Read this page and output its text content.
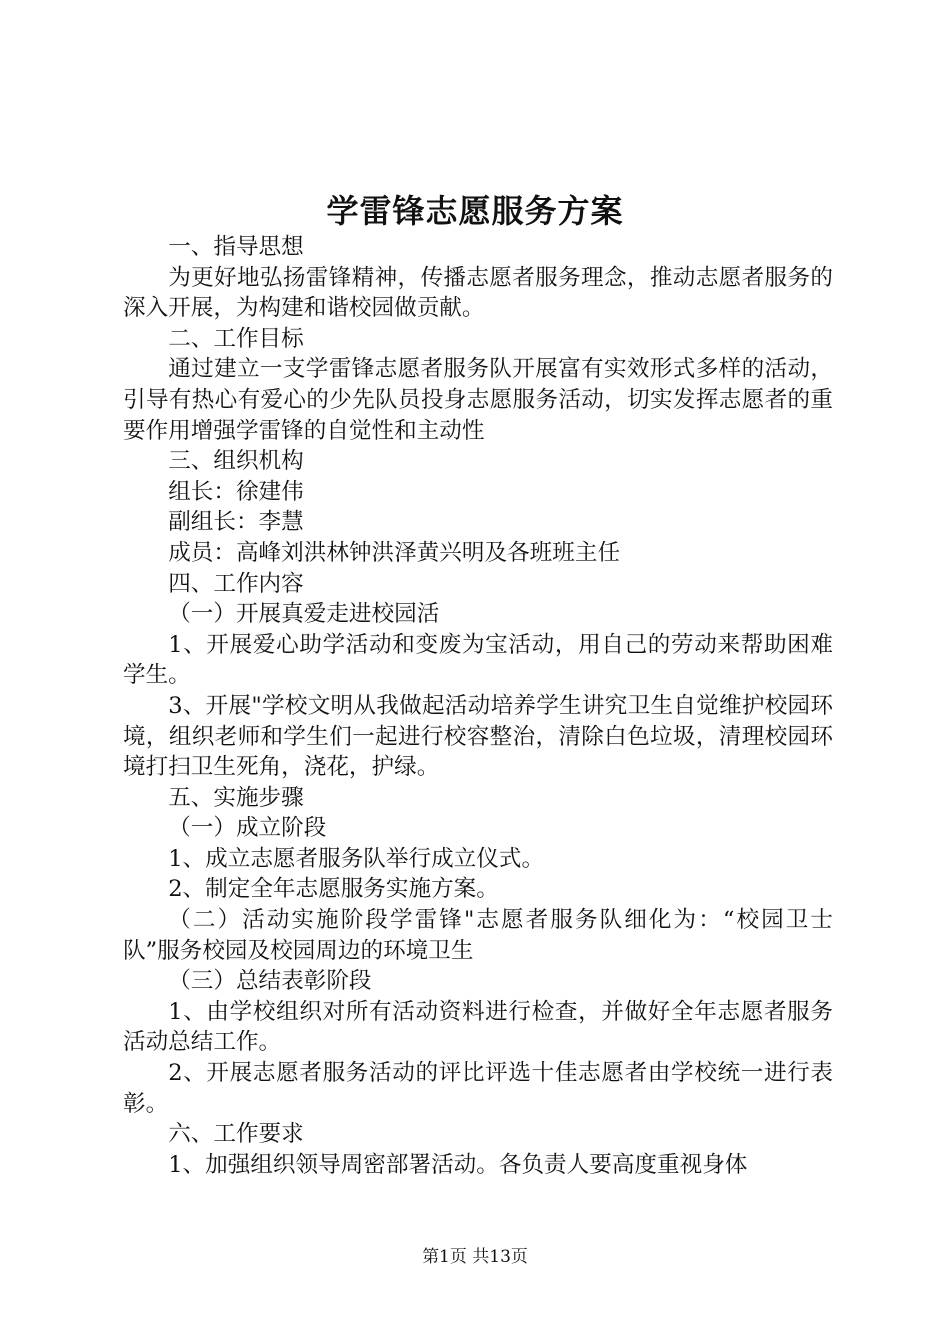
学雷锋志愿服务方案

一、指导思想

为更好地弘扬雷锋精神，传播志愿者服务理念，推动志愿者服务的深入开展，为构建和谐校园做贡献。

二、工作目标

通过建立一支学雷锋志愿者服务队开展富有实效形式多样的活动，引导有热心有爱心的少先队员投身志愿服务活动，切实发挥志愿者的重要作用增强学雷锋的自觉性和主动性

三、组织机构

组长：徐建伟

副组长：李慧

成员：高峰刘洪林钟洪泽黄兴明及各班班主任

四、工作内容

（一）开展真爱走进校园活

1、开展爱心助学活动和变废为宝活动，用自己的劳动来帮助困难学生。

3、开展"学校文明从我做起活动培养学生讲究卫生自觉维护校园环境，组织老师和学生们一起进行校容整治，清除白色垃圾，清理校园环境打扫卫生死角，浇花，护绿。

五、实施步骤

（一）成立阶段

1、成立志愿者服务队举行成立仪式。

2、制定全年志愿服务实施方案。

（二）活动实施阶段学雷锋"志愿者服务队细化为：“校园卫士队”服务校园及校园周边的环境卫生

（三）总结表彰阶段

1、由学校组织对所有活动资料进行检查，并做好全年志愿者服务活动总结工作。

2、开展志愿者服务活动的评比评选十佳志愿者由学校统一进行表彰。

六、工作要求

1、加强组织领导周密部署活动。各负责人要高度重视身体

第1页 共13页
